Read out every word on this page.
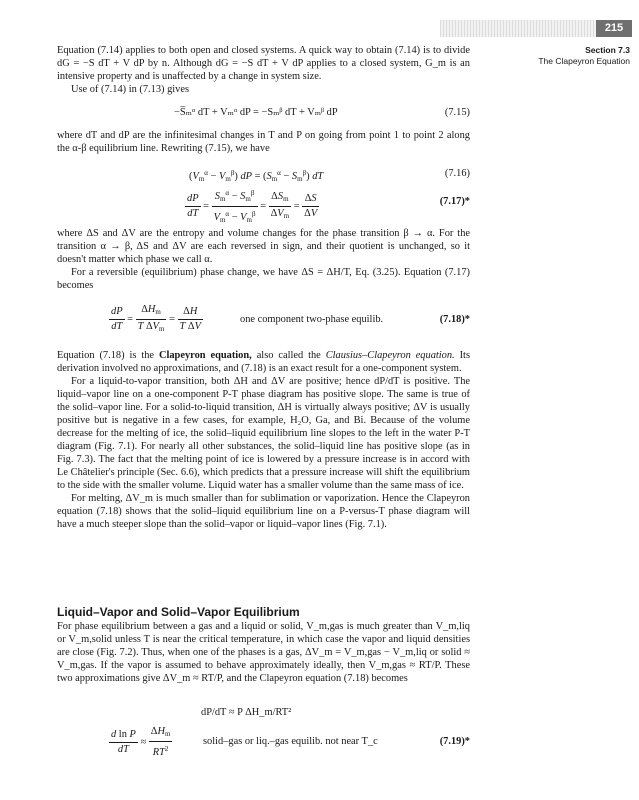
215
Section 7.3
The Clapeyron Equation

Equation (7.14) applies to both open and closed systems. A quick way to obtain (7.14) is to divide dG = −S dT + V dP by n. Although dG = −S dT + V dP applies to a closed system, G_m is an intensive property and is unaffected by a change in system size.

Use of (7.14) in (7.13) gives

−S̅ₘᵅ dT + Vₘᵅ dP = −Sₘᵝ dT + Vₘᵝ dP	(7.15)

where dT and dP are the infinitesimal changes in T and P on going from point 1 to point 2 along the α-β equilibrium line. Rewriting (7.15), we have

$(V_m^\alpha - V_m^\beta)$ dP = $(S_m^\alpha - S_m^\beta)$ dT	(7.16)
$\frac{dP}{dT} = \frac{S_m^\alpha - S_m^\beta}{V_m^\alpha - V_m^\beta} = \frac{\Delta S_m}{\Delta V_m} = \frac{\Delta S}{\Delta V}$	(7.17)*

where ΔS and ΔV are the entropy and volume changes for the phase transition β → α. For the transition α → β, ΔS and ΔV are each reversed in sign, and their quotient is unchanged, so it doesn't matter which phase we call α.

For a reversible (equilibrium) phase change, we have ΔS = ΔH/T, Eq. (3.25). Equation (7.17) becomes

$\frac{dP}{dT} = \frac{\Delta H_m}{T \Delta V_m} = \frac{\Delta H}{\text{T ΔV}}$	one component two-phase equilib.	(7.18)*

Equation (7.18) is the Clapeyron equation, also called the Clausius–Clapeyron equation. Its derivation involved no approximations, and (7.18) is an exact result for a one-component system.

For a liquid-to-vapor transition, both ΔH and ΔV are positive; hence dP/dT is positive. The liquid–vapor line on a one-component P-T phase diagram has positive slope. The same is true of the solid–vapor line. For a solid-to-liquid transition, ΔH is virtually always positive; ΔV is usually positive but is negative in a few cases, for example, H₂O, Ga, and Bi. Because of the volume decrease for the melting of ice, the solid–liquid equilibrium line slopes to the left in the water P-T diagram (Fig. 7.1). For nearly all other substances, the solid–liquid line has positive slope (as in Fig. 7.3). The fact that the melting point of ice is lowered by a pressure increase is in accord with Le Châtelier's principle (Sec. 6.6), which predicts that a pressure increase will shift the equilibrium to the side with the smaller volume. Liquid water has a smaller volume than the same mass of ice.

For melting, ΔV_m is much smaller than for sublimation or vaporization. Hence the Clapeyron equation (7.18) shows that the solid–liquid equilibrium line on a P-versus-T phase diagram will have a much steeper slope than the solid–vapor or liquid–vapor lines (Fig. 7.1).

Liquid–Vapor and Solid–Vapor Equilibrium

For phase equilibrium between a gas and a liquid or solid, V_m,gas is much greater than V_m,liq or V_m,solid unless T is near the critical temperature, in which case the vapor and liquid densities are close (Fig. 7.2). Thus, when one of the phases is a gas, ΔV_m = V_m,gas − V_m,liq or solid ≈ V_m,gas. If the vapor is assumed to behave approximately ideally, then V_m,gas ≈ RT/P. These two approximations give ΔV_m ≈ RT/P, and the Clapeyron equation (7.18) becomes

dP/dT ≈ P ΔH_m/RT²
$\frac{\text{d ln P}}{dT} \approx \frac{\Delta H_m}{RT^2}$	solid–gas or liq.–gas equilib. not near T_c	(7.19)*
